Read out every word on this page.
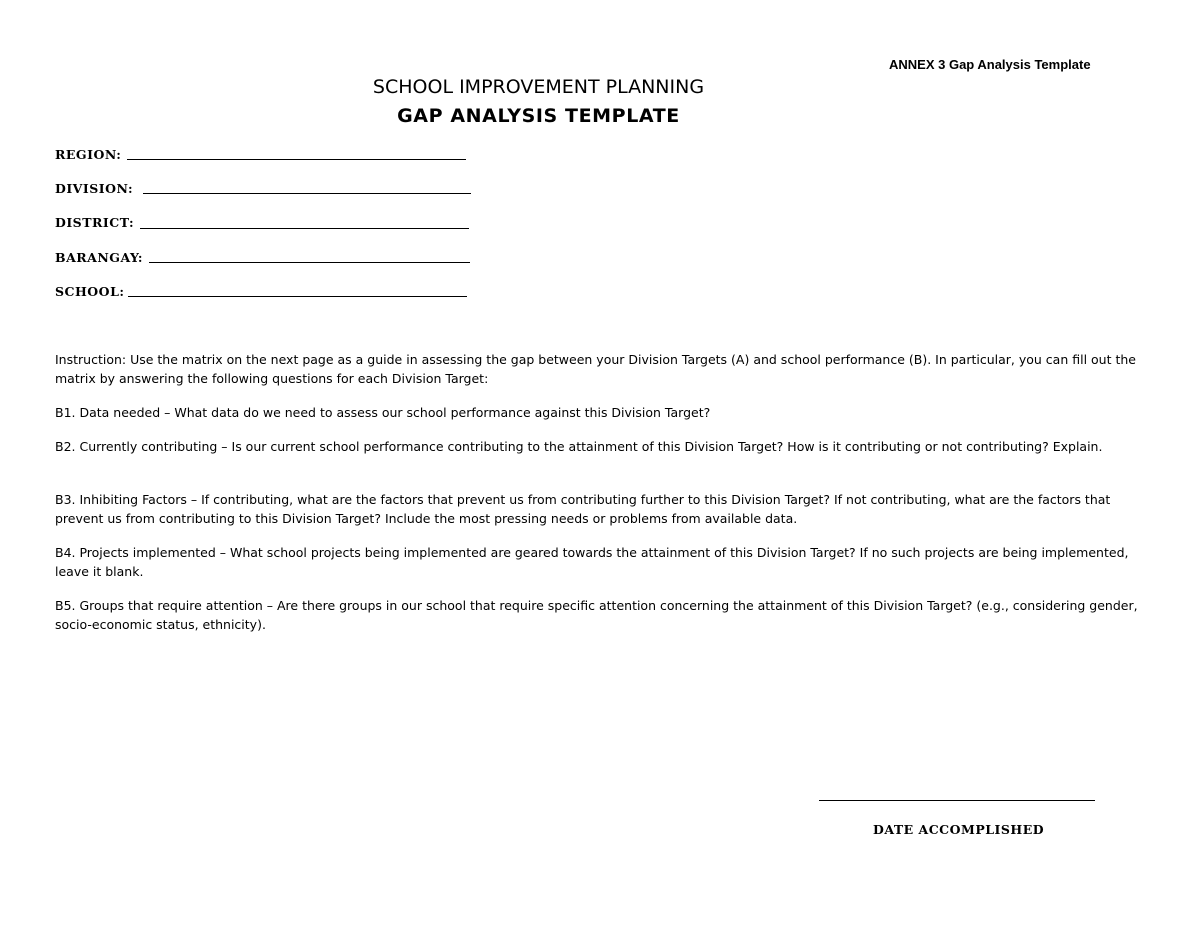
ANNEX 3 Gap Analysis Template
SCHOOL IMPROVEMENT PLANNING
GAP ANALYSIS TEMPLATE
REGION:
DIVISION:
DISTRICT:
BARANGAY:
SCHOOL:

Instruction: Use the matrix on the next page as a guide in assessing the gap between your Division Targets (A) and school performance (B). In particular, you can fill out the matrix by answering the following questions for each Division Target:

B1. Data needed – What data do we need to assess our school performance against this Division Target?

B2. Currently contributing – Is our current school performance contributing to the attainment of this Division Target? How is it contributing or not contributing? Explain.

B3. Inhibiting Factors – If contributing, what are the factors that prevent us from contributing further to this Division Target? If not contributing, what are the factors that prevent us from contributing to this Division Target? Include the most pressing needs or problems from available data.

B4. Projects implemented – What school projects being implemented are geared towards the attainment of this Division Target? If no such projects are being implemented, leave it blank.

B5. Groups that require attention – Are there groups in our school that require specific attention concerning the attainment of this Division Target? (e.g., considering gender, socio-economic status, ethnicity).

DATE ACCOMPLISHED
